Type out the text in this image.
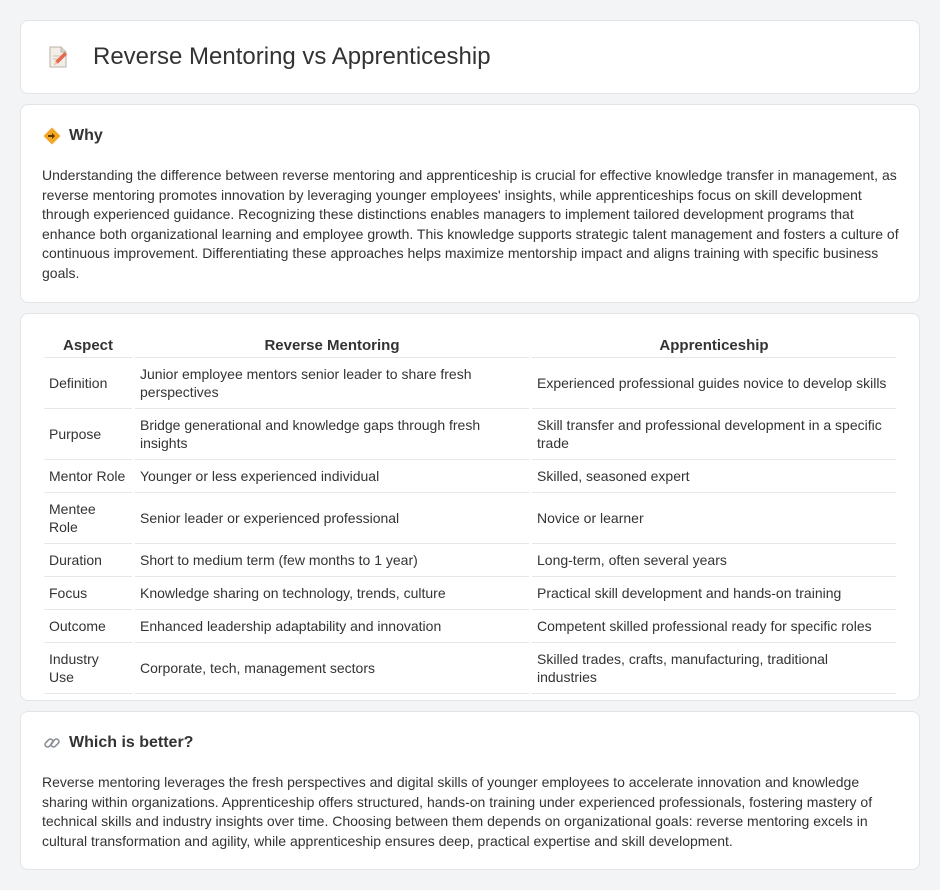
Reverse Mentoring vs Apprenticeship
Why

Understanding the difference between reverse mentoring and apprenticeship is crucial for effective knowledge transfer in management, as reverse mentoring promotes innovation by leveraging younger employees' insights, while apprenticeships focus on skill development through experienced guidance. Recognizing these distinctions enables managers to implement tailored development programs that enhance both organizational learning and employee growth. This knowledge supports strategic talent management and fosters a culture of continuous improvement. Differentiating these approaches helps maximize mentorship impact and aligns training with specific business goals.

Aspect	Reverse Mentoring	Apprenticeship
Definition	Junior employee mentors senior leader to share fresh perspectives	Experienced professional guides novice to develop skills
Purpose	Bridge generational and knowledge gaps through fresh insights	Skill transfer and professional development in a specific trade
Mentor Role	Younger or less experienced individual	Skilled, seasoned expert
Mentee Role	Senior leader or experienced professional	Novice or learner
Duration	Short to medium term (few months to 1 year)	Long-term, often several years
Focus	Knowledge sharing on technology, trends, culture	Practical skill development and hands-on training
Outcome	Enhanced leadership adaptability and innovation	Competent skilled professional ready for specific roles
Industry Use	Corporate, tech, management sectors	Skilled trades, crafts, manufacturing, traditional industries
Which is better?

Reverse mentoring leverages the fresh perspectives and digital skills of younger employees to accelerate innovation and knowledge sharing within organizations. Apprenticeship offers structured, hands-on training under experienced professionals, fostering mastery of technical skills and industry insights over time. Choosing between them depends on organizational goals: reverse mentoring excels in cultural transformation and agility, while apprenticeship ensures deep, practical expertise and skill development.
